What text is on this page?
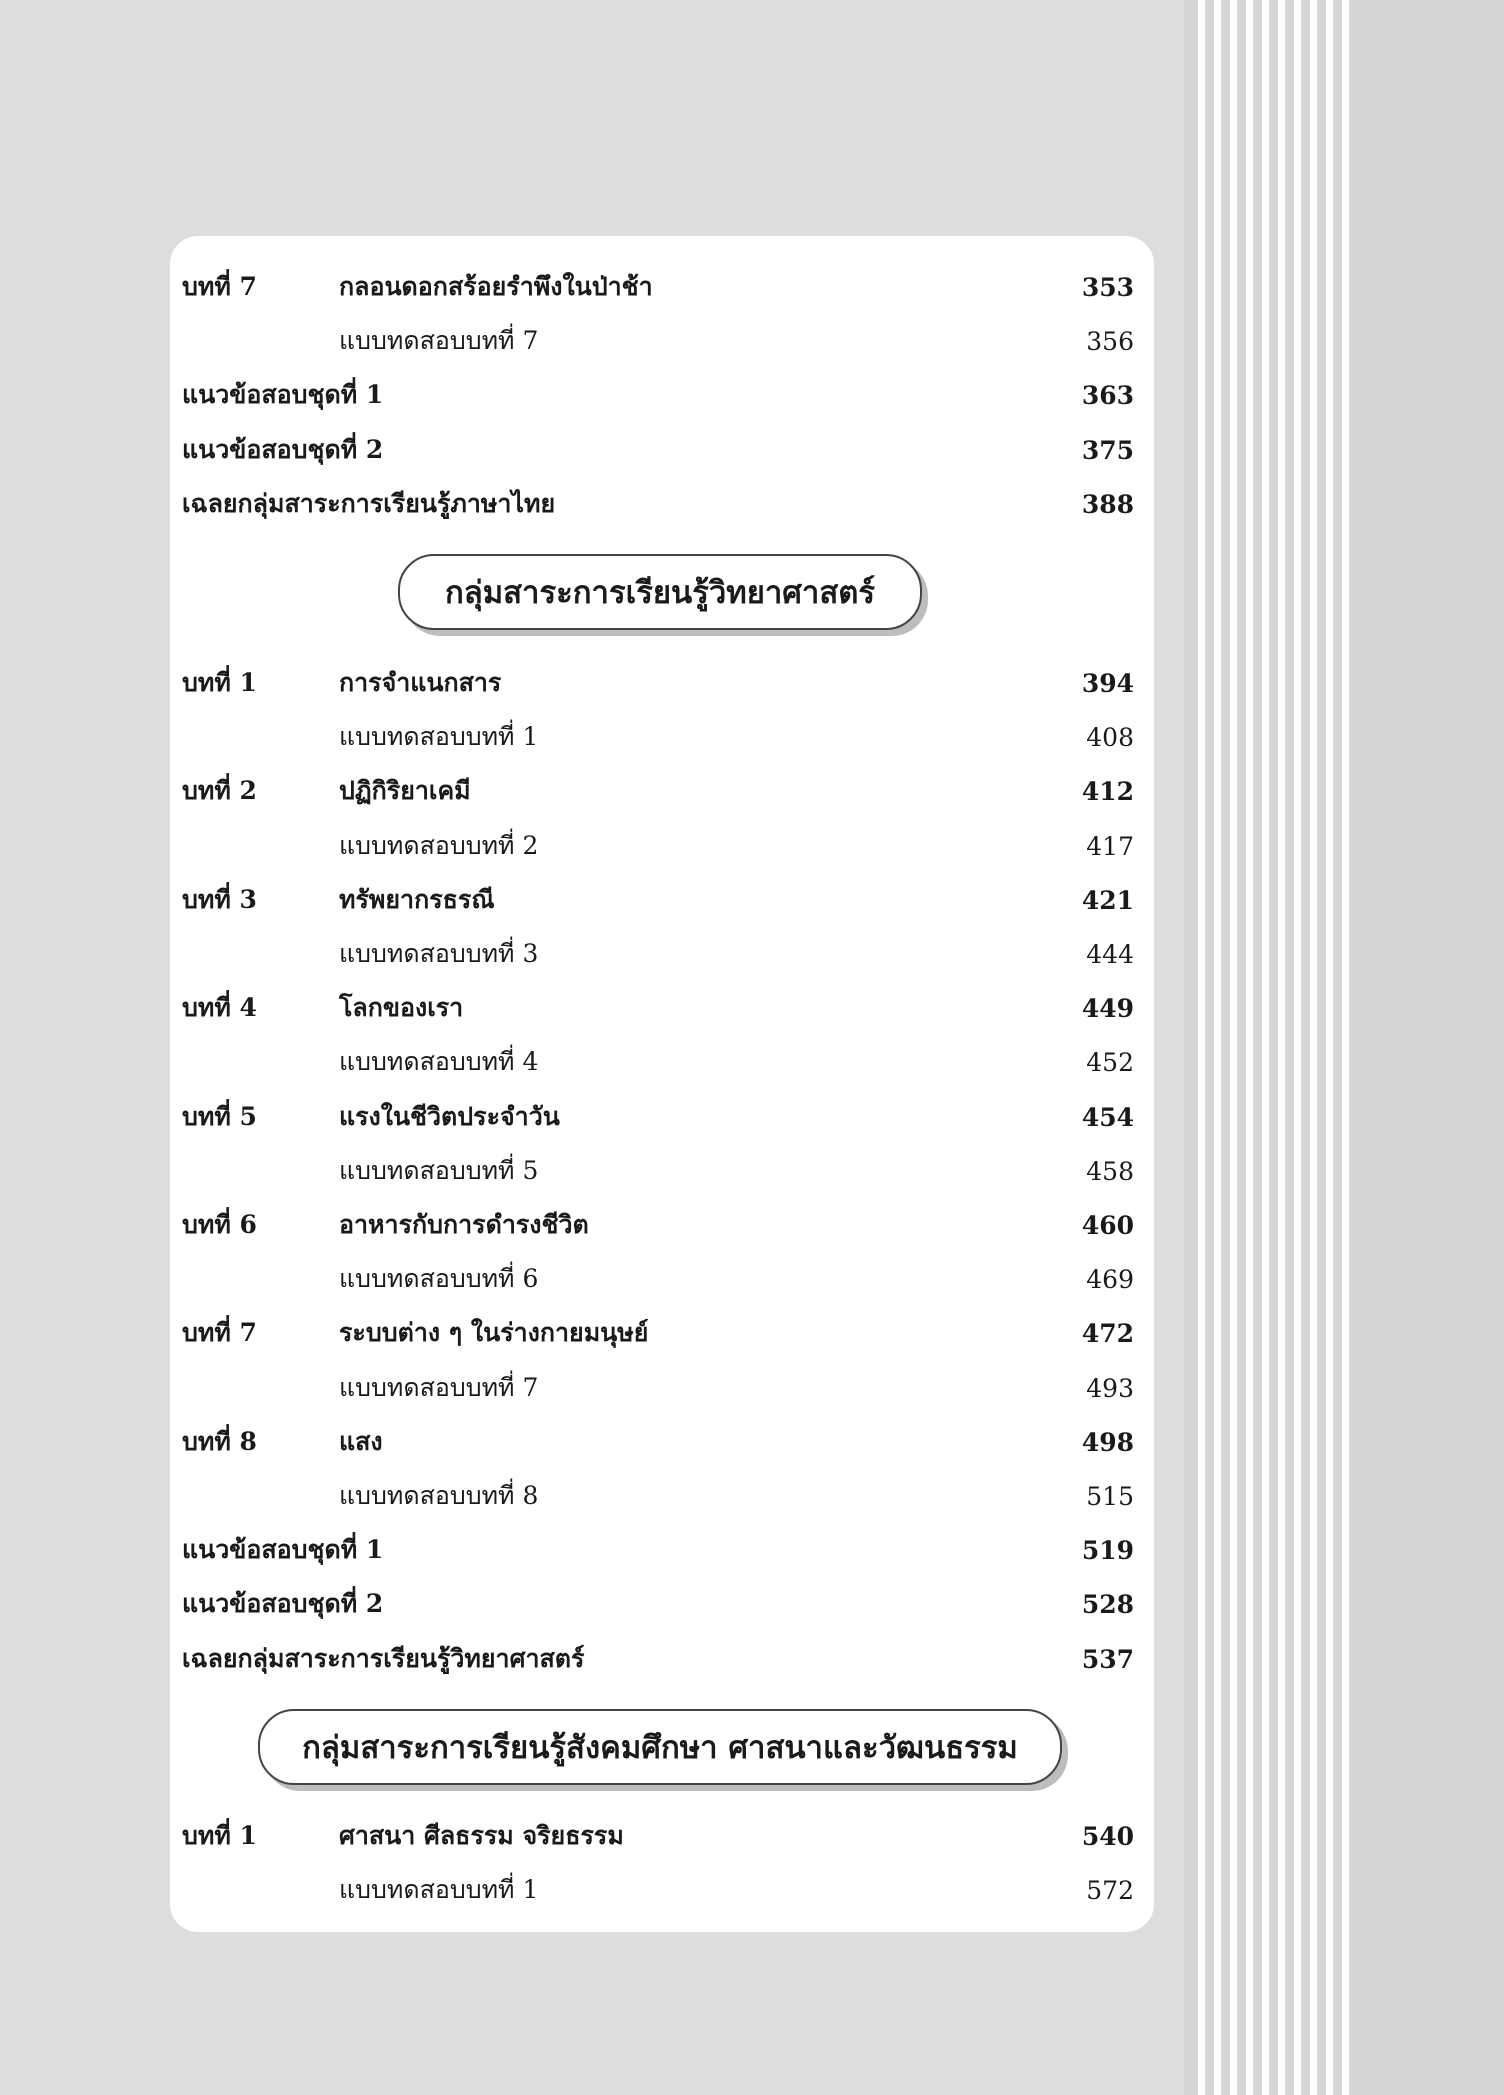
บทที่ 7	กลอนดอกสร้อยรำพึงในป่าช้า	353
แบบทดสอบบทที่ 7	356
แนวข้อสอบชุดที่ 1	363
แนวข้อสอบชุดที่ 2	375
เฉลยกลุ่มสาระการเรียนรู้ภาษาไทย	388
กลุ่มสาระการเรียนรู้วิทยาศาสตร์
บทที่ 1	การจำแนกสาร	394
แบบทดสอบบทที่ 1	408
บทที่ 2	ปฏิกิริยาเคมี	412
แบบทดสอบบทที่ 2	417
บทที่ 3	ทรัพยากรธรณี	421
แบบทดสอบบทที่ 3	444
บทที่ 4	โลกของเรา	449
แบบทดสอบบทที่ 4	452
บทที่ 5	แรงในชีวิตประจำวัน	454
แบบทดสอบบทที่ 5	458
บทที่ 6	อาหารกับการดำรงชีวิต	460
แบบทดสอบบทที่ 6	469
บทที่ 7	ระบบต่าง ๆ ในร่างกายมนุษย์	472
แบบทดสอบบทที่ 7	493
บทที่ 8	แสง	498
แบบทดสอบบทที่ 8	515
แนวข้อสอบชุดที่ 1	519
แนวข้อสอบชุดที่ 2	528
เฉลยกลุ่มสาระการเรียนรู้วิทยาศาสตร์	537
กลุ่มสาระการเรียนรู้สังคมศึกษา ศาสนาและวัฒนธรรม
บทที่ 1	ศาสนา ศีลธรรม จริยธรรม	540
แบบทดสอบบทที่ 1	572
